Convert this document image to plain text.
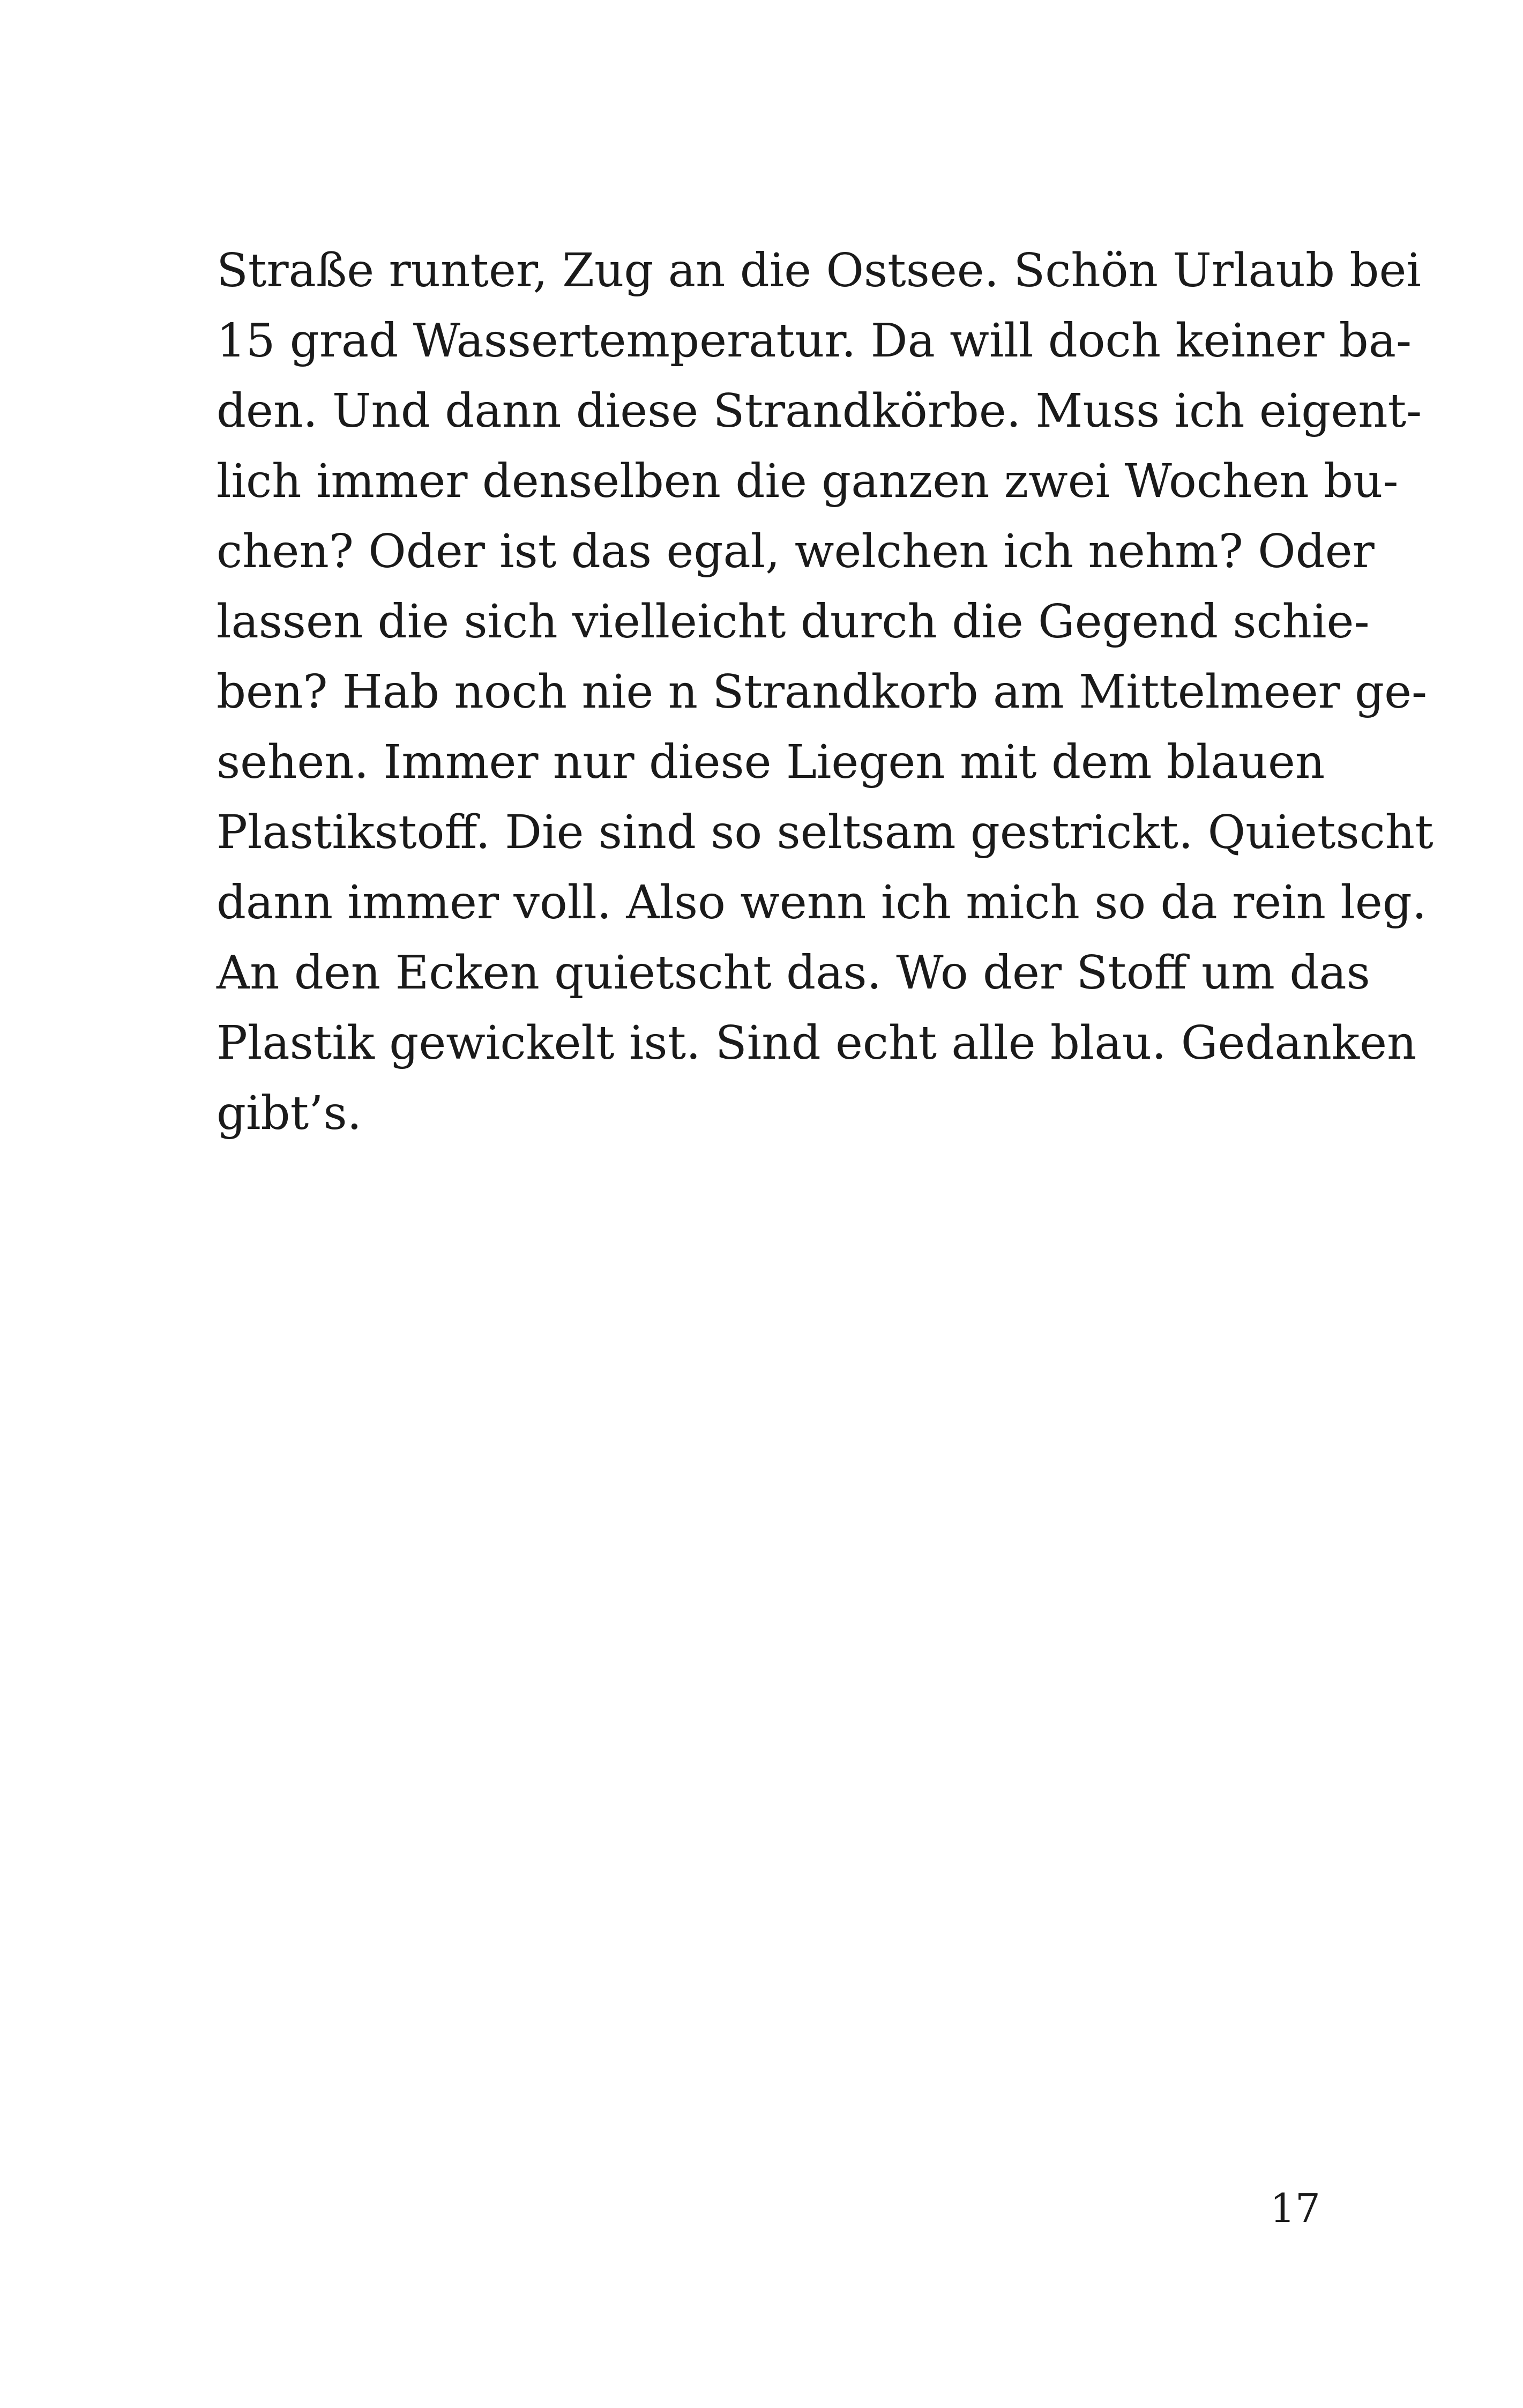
Straße runter, Zug an die Ostsee. Schön Urlaub bei
15 grad Wassertemperatur. Da will doch keiner ba-
den. Und dann diese Strandkörbe. Muss ich eigent-
lich immer denselben die ganzen zwei Wochen bu-
chen? Oder ist das egal, welchen ich nehm? Oder
lassen die sich vielleicht durch die Gegend schie-
ben? Hab noch nie n Strandkorb am Mittelmeer ge-
sehen. Immer nur diese Liegen mit dem blauen
Plastikstoff. Die sind so seltsam gestrickt. Quietscht
dann immer voll. Also wenn ich mich so da rein leg.
An den Ecken quietscht das. Wo der Stoff um das
Plastik gewickelt ist. Sind echt alle blau. Gedanken
gibt’s.
17
